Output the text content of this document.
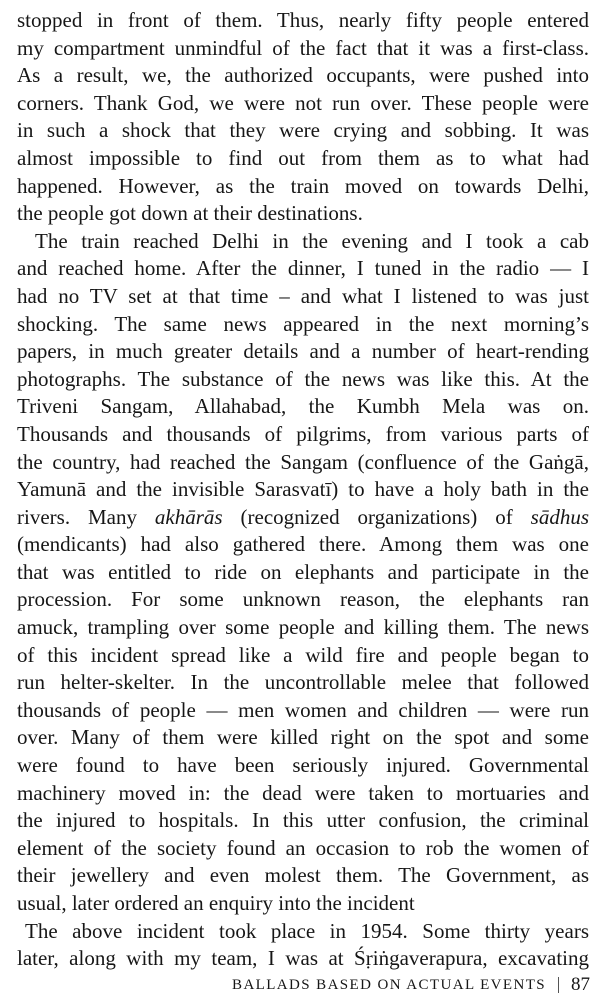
stopped in front of them. Thus, nearly fifty people entered
my compartment unmindful of the fact that it was a first-class.
As a result, we, the authorized occupants, were pushed into
corners. Thank God, we were not run over. These people were
in such a shock that they were crying and sobbing. It was
almost impossible to find out from them as to what had
happened. However, as the train moved on towards Delhi,
the people got down at their destinations.
The train reached Delhi in the evening and I took a cab
and reached home. After the dinner, I tuned in the radio — I
had no TV set at that time – and what I listened to was just
shocking. The same news appeared in the next morning’s
papers, in much greater details and a number of heart-rending
photographs. The substance of the news was like this. At the
Triveni Sangam, Allahabad, the Kumbh Mela was on.
Thousands and thousands of pilgrims, from various parts of
the country, had reached the Sangam (confluence of the Gaṅgā,
Yamunā and the invisible Sarasvatī) to have a holy bath in the
rivers. Many akhārās (recognized organizations) of sādhus
(mendicants) had also gathered there. Among them was one
that was entitled to ride on elephants and participate in the
procession. For some unknown reason, the elephants ran
amuck, trampling over some people and killing them. The news
of this incident spread like a wild fire and people began to
run helter-skelter. In the uncontrollable melee that followed
thousands of people — men women and children — were run
over. Many of them were killed right on the spot and some
were found to have been seriously injured. Governmental
machinery moved in: the dead were taken to mortuaries and
the injured to hospitals. In this utter confusion, the criminal
element of the society found an occasion to rob the women of
their jewellery and even molest them. The Government, as
usual, later ordered an enquiry into the incident
The above incident took place in 1954. Some thirty years
later, along with my team, I was at Śṛiṅgaverapura, excavating
BALLADS BASED ON ACTUAL EVENTS 87
